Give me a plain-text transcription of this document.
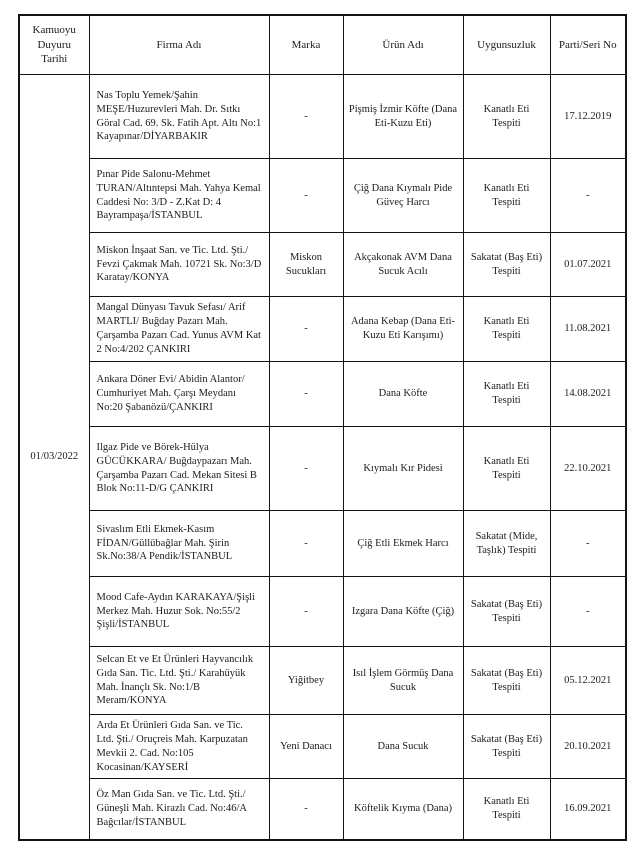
Kamuoyu Duyuru Tarihi	Firma Adı	Marka	Ürün Adı	Uygunsuzluk	Parti/Seri No
01/03/2022	Nas Toplu Yemek/Şahin MEŞE/Huzurevleri Mah. Dr. Sıtkı Göral Cad. 69. Sk. Fatih Apt. Altı No:1 Kayapınar/DİYARBAKIR	-	Pişmiş İzmir Köfte (Dana Eti-Kuzu Eti)	Kanatlı Eti Tespiti	17.12.2019
	Pınar Pide Salonu-Mehmet TURAN/Altıntepsi Mah. Yahya Kemal Caddesi No: 3/D - Z.Kat D: 4 Bayrampaşa/İSTANBUL	-	Çiğ Dana Kıymalı Pide Güveç Harcı	Kanatlı Eti Tespiti	-
	Miskon İnşaat San. ve Tic. Ltd. Şti./ Fevzi Çakmak Mah. 10721 Sk. No:3/D Karatay/KONYA	Miskon Sucukları	Akçakonak AVM Dana Sucuk Acılı	Sakatat (Baş Eti) Tespiti	01.07.2021
	Mangal Dünyası Tavuk Sefası/ Arif MARTLI/ Buğday Pazarı Mah. Çarşamba Pazarı Cad. Yunus AVM Kat 2 No:4/202 ÇANKIRI	-	Adana Kebap (Dana Eti-Kuzu Eti Karışımı)	Kanatlı Eti Tespiti	11.08.2021
	Ankara Döner Evi/ Abidin Alantor/ Cumhuriyet Mah. Çarşı Meydanı No:20 Şabanözü/ÇANKIRI	-	Dana Köfte	Kanatlı Eti Tespiti	14.08.2021
	Ilgaz Pide ve Börek-Hülya GÜCÜKKARA/ Buğdaypazarı Mah. Çarşamba Pazarı Cad. Mekan Sitesi B Blok No:11-D/G ÇANKIRI	-	Kıymalı Kır Pidesi	Kanatlı Eti Tespiti	22.10.2021
	Sivaslım Etli Ekmek-Kasım FİDAN/Güllübağlar Mah. Şirin Sk.No:38/A Pendik/İSTANBUL	-	Çiğ Etli Ekmek Harcı	Sakatat (Mide, Taşlık) Tespiti	-
	Mood Cafe-Aydın KARAKAYA/Şişli Merkez Mah. Huzur Sok. No:55/2 Şişli/İSTANBUL	-	Izgara Dana Köfte (Çiğ)	Sakatat (Baş Eti) Tespiti	-
	Selcan Et ve Et Ürünleri Hayvancılık Gıda San. Tic. Ltd. Şti./ Karahüyük Mah. İnançlı Sk. No:1/B Meram/KONYA	Yiğitbey	Isıl İşlem Görmüş Dana Sucuk	Sakatat (Baş Eti) Tespiti	05.12.2021
	Arda Et Ürünleri Gıda San. ve Tic. Ltd. Şti./ Oruçreis Mah. Karpuzatan Mevkii 2. Cad. No:105 Kocasinan/KAYSERİ	Yeni Danacı	Dana Sucuk	Sakatat (Baş Eti) Tespiti	20.10.2021
	Öz Man Gıda San. ve Tic. Ltd. Şti./ Güneşli Mah. Kirazlı Cad. No:46/A Bağcılar/İSTANBUL	-	Köftelik Kıyma (Dana)	Kanatlı Eti Tespiti	16.09.2021
